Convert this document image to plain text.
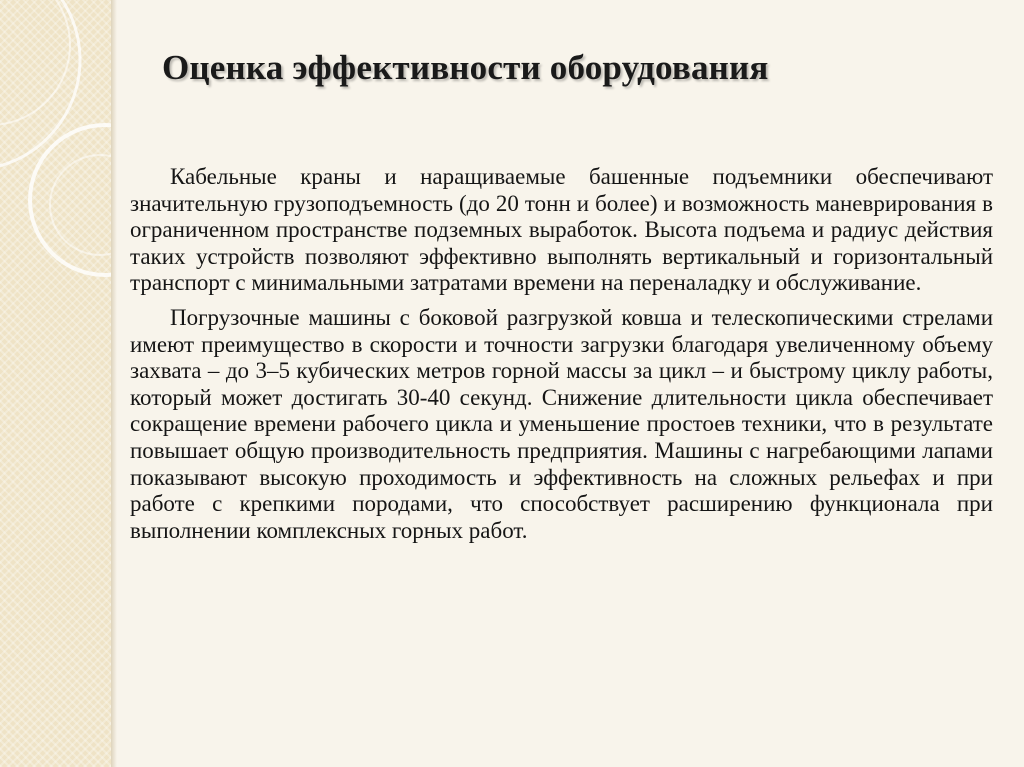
Оценка эффективности оборудования

Кабельные краны и наращиваемые башенные подъемники обеспечивают значительную грузоподъемность (до 20 тонн и более) и возможность маневрирования в ограниченном пространстве подземных выработок. Высота подъема и радиус действия таких устройств позволяют эффективно выполнять вертикальный и горизонтальный транспорт с минимальными затратами времени на переналадку и обслуживание.

Погрузочные машины с боковой разгрузкой ковша и телескопическими стрелами имеют преимущество в скорости и точности загрузки благодаря увеличенному объему захвата – до 3–5 кубических метров горной массы за цикл – и быстрому циклу работы, который может достигать 30-40 секунд. Снижение длительности цикла обеспечивает сокращение времени рабочего цикла и уменьшение простоев техники, что в результате повышает общую производительность предприятия. Машины с нагребающими лапами показывают высокую проходимость и эффективность на сложных рельефах и при работе с крепкими породами, что способствует расширению функционала при выполнении комплексных горных работ.
